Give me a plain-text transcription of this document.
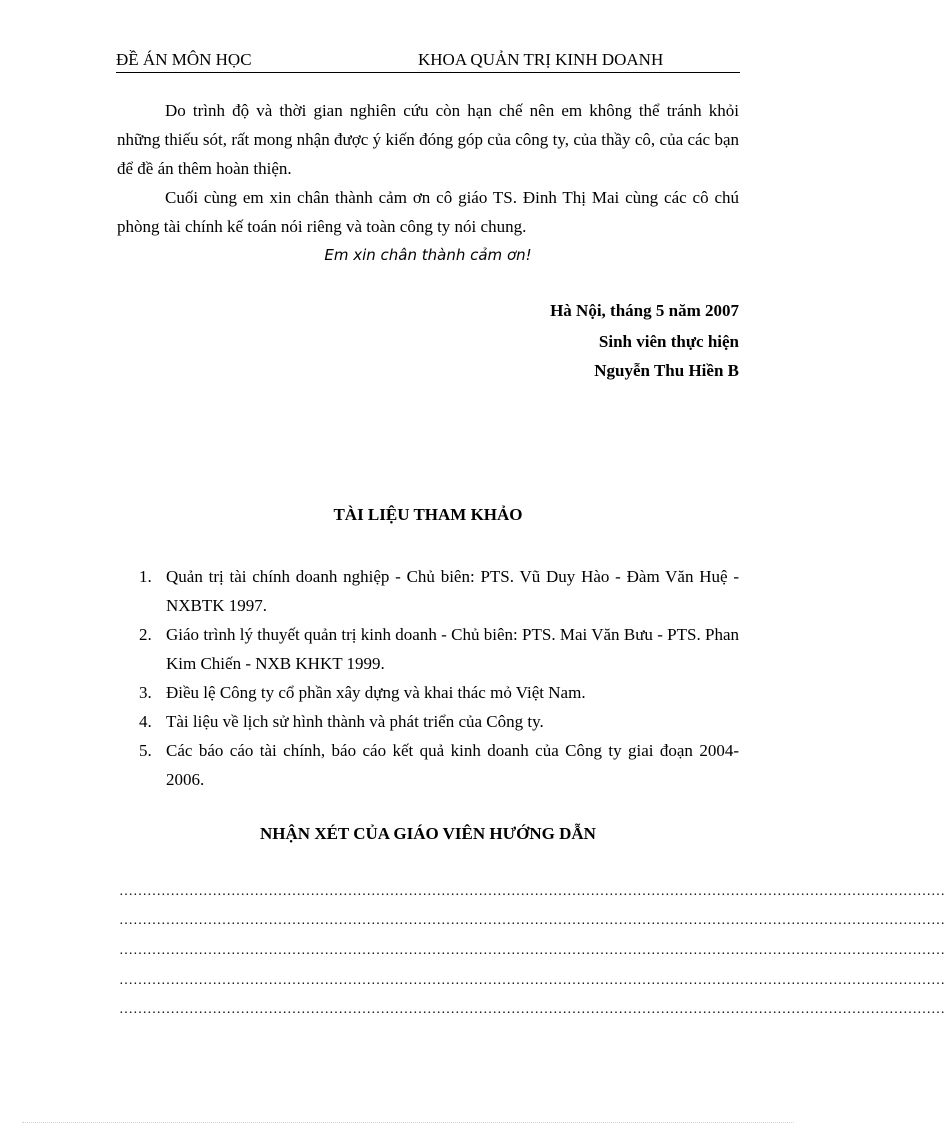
ĐỀ ÁN MÔN HỌC	KHOA QUẢN TRỊ KINH DOANH

Do trình độ và thời gian nghiên cứu còn hạn chế nên em không thể tránh khỏi những thiếu sót, rất mong nhận được ý kiến đóng góp của công ty, của thầy cô, của các bạn để đề án thêm hoàn thiện.

Cuối cùng em xin chân thành cảm ơn cô giáo TS. Đinh Thị Mai cùng các cô chú phòng tài chính kế toán nói riêng và toàn công ty nói chung.

Em xin chân thành cảm ơn!
Hà Nội, tháng 5 năm 2007
Sinh viên thực hiện
Nguyễn Thu Hiền B
TÀI LIỆU THAM KHẢO
1. Quản trị tài chính doanh nghiệp - Chủ biên: PTS. Vũ Duy Hào - Đàm Văn Huệ - NXBTK 1997.
2. Giáo trình lý thuyết quản trị kinh doanh - Chủ biên: PTS. Mai Văn Bưu - PTS. Phan Kim Chiến - NXB KHKT 1999.
3. Điều lệ Công ty cổ phần xây dựng và khai thác mỏ Việt Nam.
4. Tài liệu về lịch sử hình thành và phát triển của Công ty.
5. Các báo cáo tài chính, báo cáo kết quả kinh doanh của Công ty giai đoạn 2004-2006.
NHẬN XÉT CỦA GIÁO VIÊN HƯỚNG DẪN
……………………………………………………………………………………………………………………………………………………………
……………………………………………………………………………………………………………………………………………………………
……………………………………………………………………………………………………………………………………………………………
……………………………………………………………………………………………………………………………………………………………
……………………………………………………………………………………………………………………………………………………………
